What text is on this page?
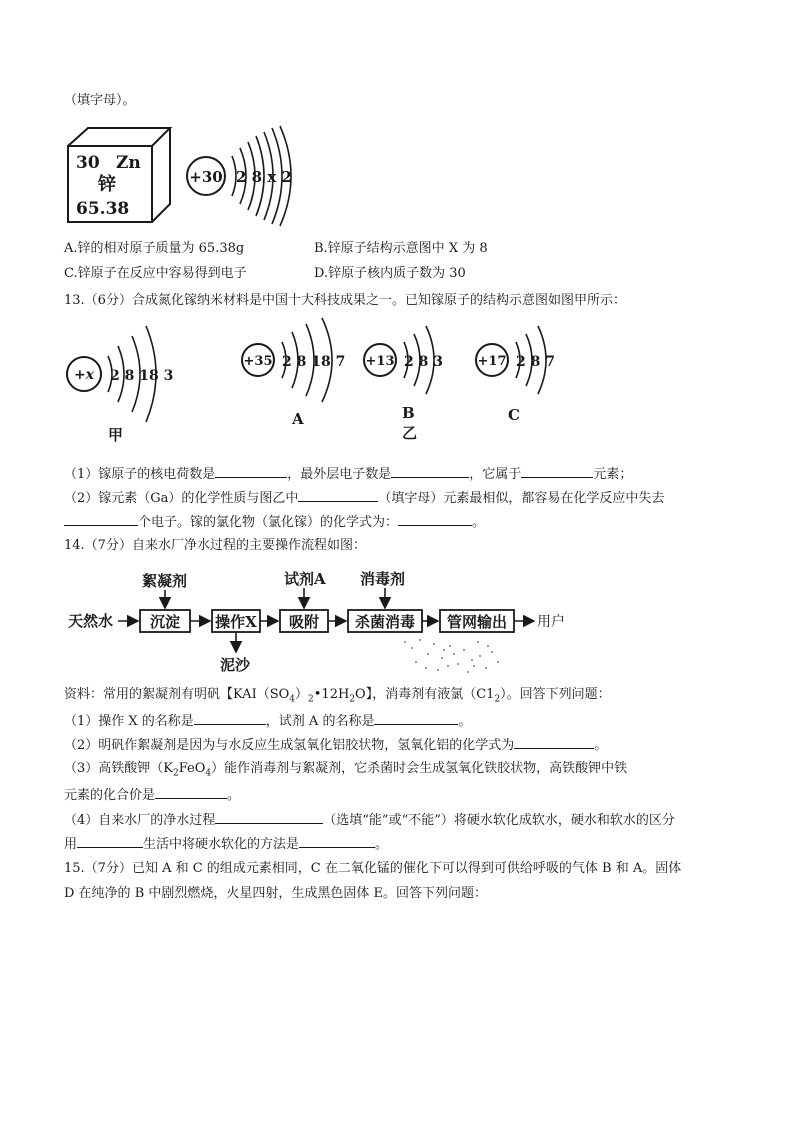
（填字母）。
30 Zn
锌
65.38
+30 2 8 x 2
A.锌的相对原子质量为 65.38g	B.锌原子结构示意图中 X 为 8
C.锌原子在反应中容易得到电子	D.锌原子核内质子数为 30
13.（6分）合成氮化镓纳米材料是中国十大科技成果之一。已知镓原子的结构示意图如图甲所示：
+x 2 8 18 3
甲
+35 2 8 18 7
A
+13 2 8 3
B
乙
+17 2 8 7
C
（1）镓原子的核电荷数是	，最外层电子数是	，它属于	元素；
（2）镓元素（Ga）的化学性质与图乙中	（填字母）元素最相似，都容易在化学反应中失去
个电子。镓的氯化物（氯化镓）的化学式为：	。
14.（7分）自来水厂净水过程的主要操作流程如图：
天然水 沉淀 操作X 吸附 杀菌消毒 管网输出 用户
絮凝剂	试剂A 消毒剂
泥沙
资料：常用的絮凝剂有明矾【$KAI(SO_4)_2•12H_2O$】，消毒剂有液氯$(C1_2)$。回答下列问题：
（1）操作 X 的名称是	，试剂 A 的名称是	。
（2）明矾作絮凝剂是因为与水反应生成氢氧化铝胶状物，氢氧化铝的化学式为	。
（3）高铁酸钾$(K_2FeO_4)$能作消毒剂与絮凝剂，它杀菌时会生成氢氧化铁胶状物，高铁酸钾中铁
元素的化合价是	。
（4）自来水厂的净水过程	（选填“能”或“不能”）将硬水软化成软水，硬水和软水的区分
用	生活中将硬水软化的方法是	。
15.（7分）已知 A 和 C 的组成元素相同，C 在二氧化锰的催化下可以得到可供给呼吸的气体 B 和 A。固体
D 在纯净的 B 中剧烈燃烧，火星四射，生成黑色固体 E。回答下列问题：
